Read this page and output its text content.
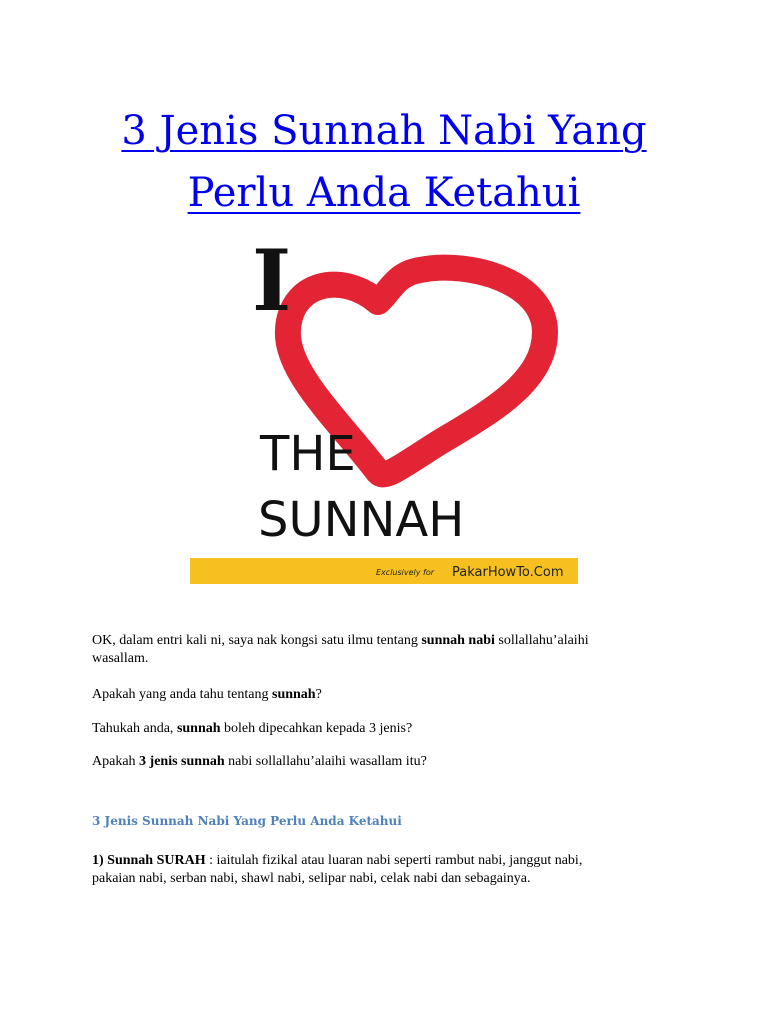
3 Jenis Sunnah Nabi Yang
Perlu Anda Ketahui
I
THE
SUNNAH
Exclusively for PakarHowTo.Com
OK, dalam entri kali ni, saya nak kongsi satu ilmu tentang sunnah nabi sollallahu’alaihi
wasallam.
Apakah yang anda tahu tentang sunnah?
Tahukah anda, sunnah boleh dipecahkan kepada 3 jenis?
Apakah 3 jenis sunnah nabi sollallahu’alaihi wasallam itu?
3 Jenis Sunnah Nabi Yang Perlu Anda Ketahui
1) Sunnah SURAH : iaitulah fizikal atau luaran nabi seperti rambut nabi, janggut nabi,
pakaian nabi, serban nabi, shawl nabi, selipar nabi, celak nabi dan sebagainya.
